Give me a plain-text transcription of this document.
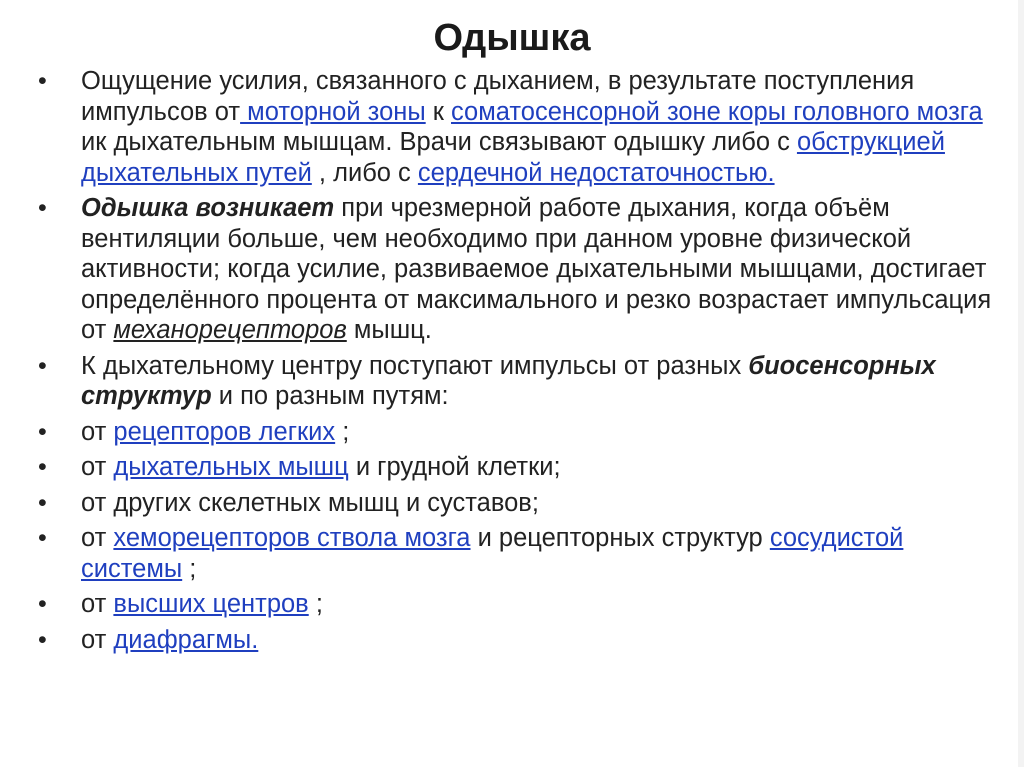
Одышка
• Ощущение усилия, связанного с дыханием, в результате поступления импульсов от моторной зоны к соматосенсорной зоне коры головного мозга ик дыхательным мышцам. Врачи связывают одышку либо с обструкцией дыхательных путей , либо с сердечной недостаточностью.
• Одышка возникает при чрезмерной работе дыхания, когда объём вентиляции больше, чем необходимо при данном уровне физической активности; когда усилие, развиваемое дыхательными мышцами, достигает определённого процента от максимального и резко возрастает импульсация от механорецепторов мышц.
• К дыхательному центру поступают импульсы от разных биосенсорных структур и по разным путям:
• от рецепторов легких ;
• от дыхательных мышц и грудной клетки;
• от других скелетных мышц и суставов;
• от хеморецепторов ствола мозга и рецепторных структур сосудистой системы ;
• от высших центров ;
• от диафрагмы.
